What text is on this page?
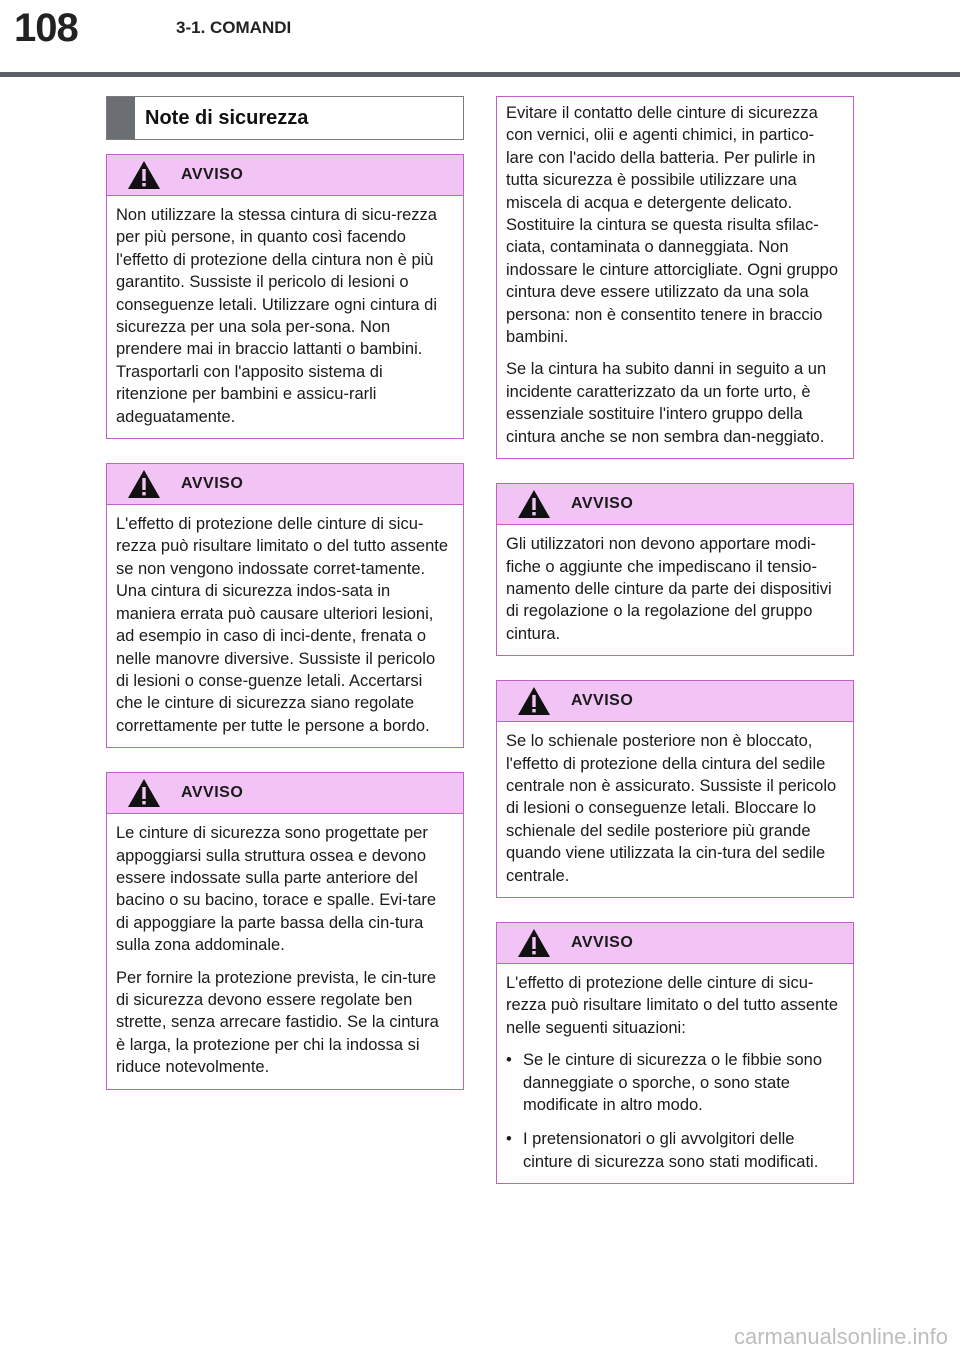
108	3-1. COMANDI
Note di sicurezza
AVVISO

Non utilizzare la stessa cintura di sicu-rezza per più persone, in quanto così facendo l'effetto di protezione della cintura non è più garantito. Sussiste il pericolo di lesioni o conseguenze letali. Utilizzare ogni cintura di sicurezza per una sola per-sona. Non prendere mai in braccio lattanti o bambini. Trasportarli con l'apposito sistema di ritenzione per bambini e assicu-rarli adeguatamente.

AVVISO

L'effetto di protezione delle cinture di sicu-rezza può risultare limitato o del tutto assente se non vengono indossate corret-tamente. Una cintura di sicurezza indos-sata in maniera errata può causare ulteriori lesioni, ad esempio in caso di inci-dente, frenata o nelle manovre diversive. Sussiste il pericolo di lesioni o conse-guenze letali. Accertarsi che le cinture di sicurezza siano regolate correttamente per tutte le persone a bordo.

AVVISO

Le cinture di sicurezza sono progettate per appoggiarsi sulla struttura ossea e devono essere indossate sulla parte anteriore del bacino o su bacino, torace e spalle. Evi-tare di appoggiare la parte bassa della cin-tura sulla zona addominale.

Per fornire la protezione prevista, le cin-ture di sicurezza devono essere regolate ben strette, senza arrecare fastidio. Se la cintura è larga, la protezione per chi la indossa si riduce notevolmente.

Evitare il contatto delle cinture di sicurezza con vernici, olii e agenti chimici, in partico-lare con l'acido della batteria. Per pulirle in tutta sicurezza è possibile utilizzare una miscela di acqua e detergente delicato. Sostituire la cintura se questa risulta sfilac-ciata, contaminata o danneggiata. Non indossare le cinture attorcigliate. Ogni gruppo cintura deve essere utilizzato da una sola persona: non è consentito tenere in braccio bambini.

Se la cintura ha subito danni in seguito a un incidente caratterizzato da un forte urto, è essenziale sostituire l'intero gruppo della cintura anche se non sembra dan-neggiato.

AVVISO

Gli utilizzatori non devono apportare modi-fiche o aggiunte che impediscano il tensio-namento delle cinture da parte dei dispositivi di regolazione o la regolazione del gruppo cintura.

AVVISO

Se lo schienale posteriore non è bloccato, l'effetto di protezione della cintura del sedile centrale non è assicurato. Sussiste il pericolo di lesioni o conseguenze letali. Bloccare lo schienale del sedile posteriore più grande quando viene utilizzata la cin-tura del sedile centrale.

AVVISO

L'effetto di protezione delle cinture di sicu-rezza può risultare limitato o del tutto assente nelle seguenti situazioni:

• Se le cinture di sicurezza o le fibbie sono danneggiate o sporche, o sono state modificate in altro modo.
• I pretensionatori o gli avvolgitori delle cinture di sicurezza sono stati modificati.
carmanualsonline.info
